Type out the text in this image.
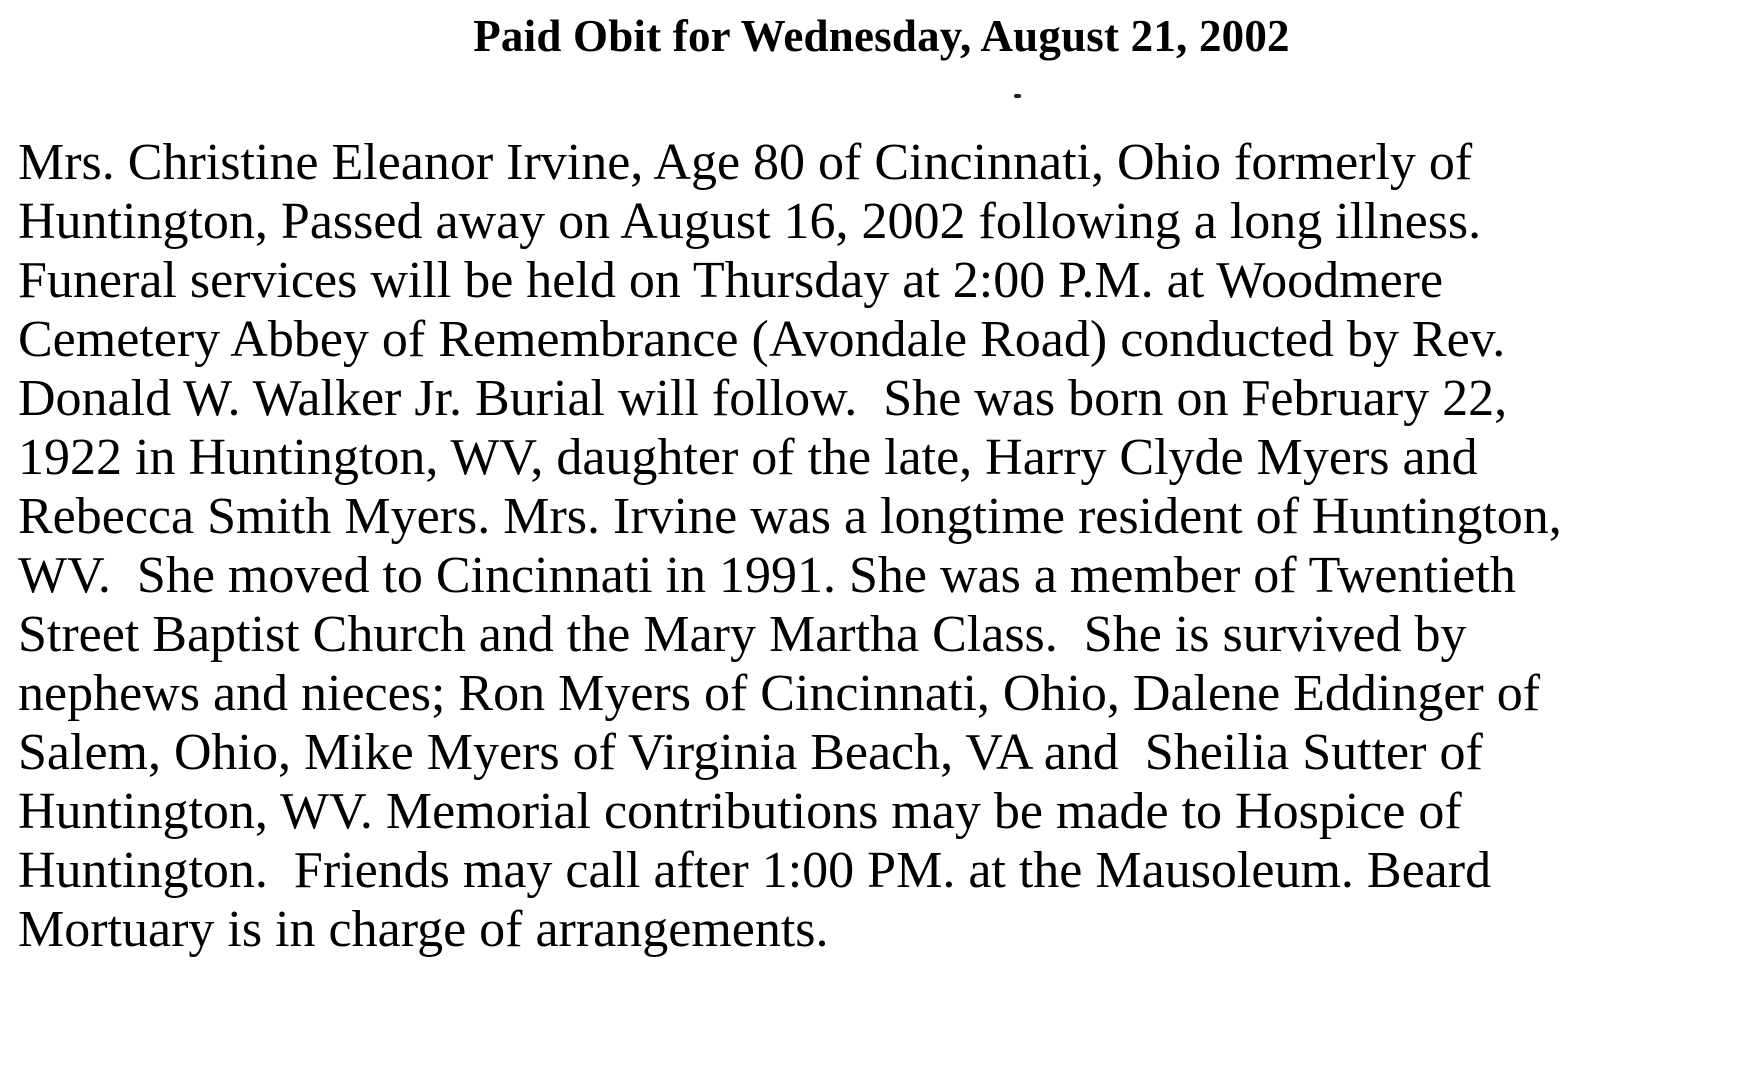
Paid Obit for Wednesday, August 21, 2002
Mrs. Christine Eleanor Irvine, Age 80 of Cincinnati, Ohio formerly of
Huntington, Passed away on August 16, 2002 following a long illness.
Funeral services will be held on Thursday at 2:00 P.M. at Woodmere
Cemetery Abbey of Remembrance (Avondale Road) conducted by Rev.
Donald W. Walker Jr. Burial will follow.  She was born on February 22,
1922 in Huntington, WV, daughter of the late, Harry Clyde Myers and
Rebecca Smith Myers. Mrs. Irvine was a longtime resident of Huntington,
WV.  She moved to Cincinnati in 1991. She was a member of Twentieth
Street Baptist Church and the Mary Martha Class.  She is survived by
nephews and nieces; Ron Myers of Cincinnati, Ohio, Dalene Eddinger of
Salem, Ohio, Mike Myers of Virginia Beach, VA and  Sheilia Sutter of
Huntington, WV. Memorial contributions may be made to Hospice of
Huntington.  Friends may call after 1:00 PM. at the Mausoleum. Beard
Mortuary is in charge of arrangements.
